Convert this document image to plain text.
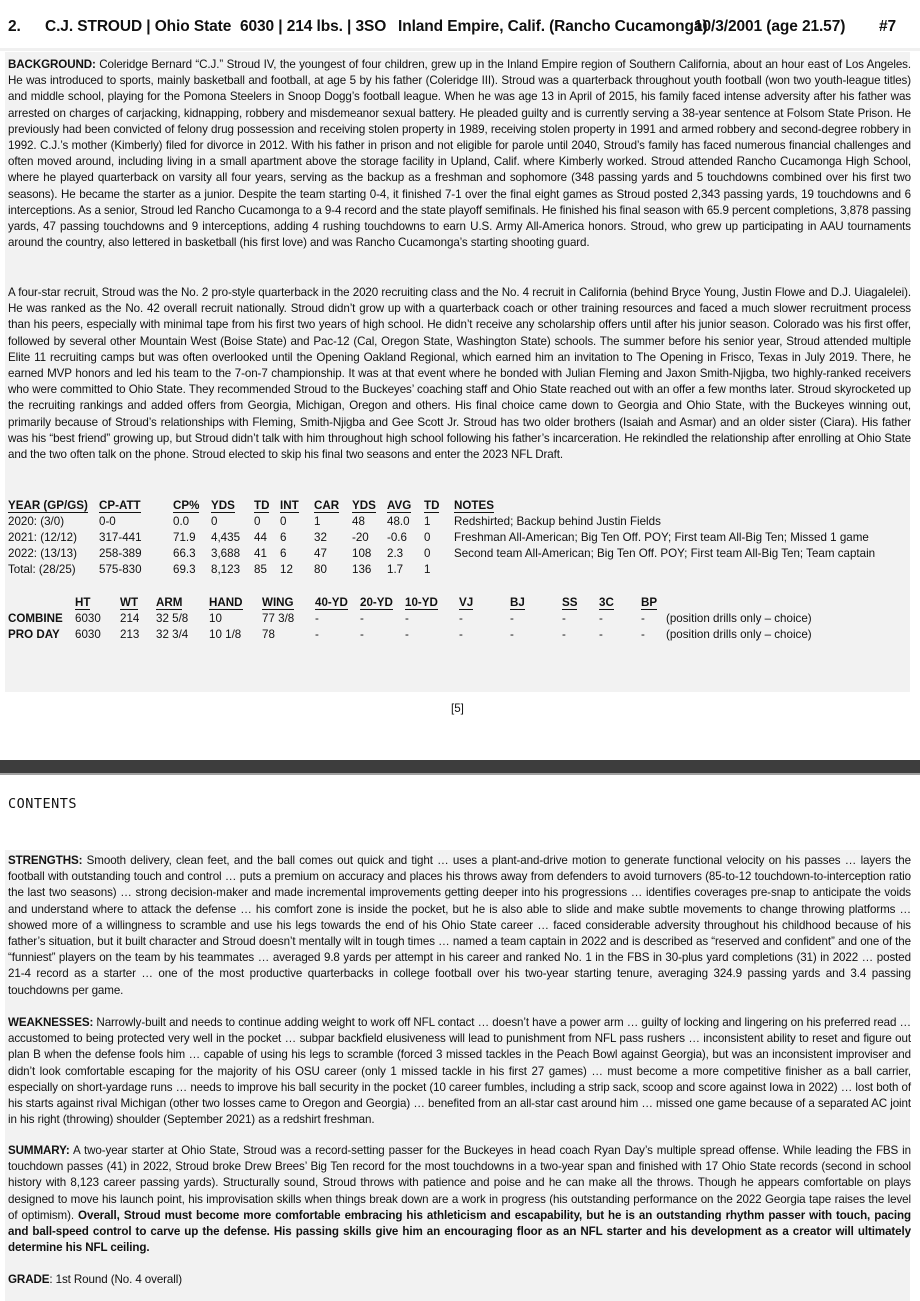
2. C.J. STROUD | Ohio State 6030 | 214 lbs. | 3SO Inland Empire, Calif. (Rancho Cucamonga)
10/3/2001 (age 21.57) #7

BACKGROUND: Coleridge Bernard “C.J.” Stroud IV, the youngest of four children, grew up in the Inland Empire region of Southern California, about an hour east of Los Angeles. He was introduced to sports, mainly basketball and football, at age 5 by his father (Coleridge III). Stroud was a quarterback throughout youth football (won two youth-league titles) and middle school, playing for the Pomona Steelers in Snoop Dogg’s football league. When he was age 13 in April of 2015, his family faced intense adversity after his father was arrested on charges of carjacking, kidnapping, robbery and misdemeanor sexual battery. He pleaded guilty and is currently serving a 38-year sentence at Folsom State Prison. He previously had been convicted of felony drug possession and receiving stolen property in 1989, receiving stolen property in 1991 and armed robbery and second-degree robbery in 1992. C.J.’s mother (Kimberly) filed for divorce in 2012. With his father in prison and not eligible for parole until 2040, Stroud’s family has faced numerous financial challenges and often moved around, including living in a small apartment above the storage facility in Upland, Calif. where Kimberly worked. Stroud attended Rancho Cucamonga High School, where he played quarterback on varsity all four years, serving as the backup as a freshman and sophomore (348 passing yards and 5 touchdowns combined over his first two seasons). He became the starter as a junior. Despite the team starting 0-4, it finished 7-1 over the final eight games as Stroud posted 2,343 passing yards, 19 touchdowns and 6 interceptions. As a senior, Stroud led Rancho Cucamonga to a 9-4 record and the state playoff semifinals. He finished his final season with 65.9 percent completions, 3,878 passing yards, 47 passing touchdowns and 9 interceptions, adding 4 rushing touchdowns to earn U.S. Army All-America honors. Stroud, who grew up participating in AAU tournaments around the country, also lettered in basketball (his first love) and was Rancho Cucamonga’s starting shooting guard.

A four-star recruit, Stroud was the No. 2 pro-style quarterback in the 2020 recruiting class and the No. 4 recruit in California (behind Bryce Young, Justin Flowe and D.J. Uiagalelei). He was ranked as the No. 42 overall recruit nationally. Stroud didn’t grow up with a quarterback coach or other training resources and faced a much slower recruitment process than his peers, especially with minimal tape from his first two years of high school. He didn’t receive any scholarship offers until after his junior season. Colorado was his first offer, followed by several other Mountain West (Boise State) and Pac-12 (Cal, Oregon State, Washington State) schools. The summer before his senior year, Stroud attended multiple Elite 11 recruiting camps but was often overlooked until the Opening Oakland Regional, which earned him an invitation to The Opening in Frisco, Texas in July 2019. There, he earned MVP honors and led his team to the 7-on-7 championship. It was at that event where he bonded with Julian Fleming and Jaxon Smith-Njigba, two highly-ranked receivers who were committed to Ohio State. They recommended Stroud to the Buckeyes’ coaching staff and Ohio State reached out with an offer a few months later. Stroud skyrocketed up the recruiting rankings and added offers from Georgia, Michigan, Oregon and others. His final choice came down to Georgia and Ohio State, with the Buckeyes winning out, primarily because of Stroud’s relationships with Fleming, Smith-Njigba and Gee Scott Jr. Stroud has two older brothers (Isaiah and Asmar) and an older sister (Ciara). His father was his “best friend” growing up, but Stroud didn’t talk with him throughout high school following his father’s incarceration. He rekindled the relationship after enrolling at Ohio State and the two often talk on the phone. Stroud elected to skip his final two seasons and enter the 2023 NFL Draft.

YEAR (GP/GS)	CP-ATT	CP%	YDS	TD	INT	CAR	YDS	AVG	TD	NOTES
2020: (3/0)	0-0	0.0	0	0	0	1	48	48.0	1	Redshirted; Backup behind Justin Fields
2021: (12/12)	317-441	71.9	4,435	44	6	32	-20	-0.6	0	Freshman All-American; Big Ten Off. POY; First team All-Big Ten; Missed 1 game
2022: (13/13)	258-389	66.3	3,688	41	6	47	108	2.3	0	Second team All-American; Big Ten Off. POY; First team All-Big Ten; Team captain
Total: (28/25)	575-830	69.3	8,123	85	12	80	136	1.7	1	
	HT	WT	ARM	HAND	WING	40-YD	20-YD	10-YD	VJ	BJ	SS	3C	BP	
COMBINE	6030	214	32 5/8	10	77 3/8	-	-	-	-	-	-	-	-	(position drills only – choice)
PRO DAY	6030	213	32 3/4	10 1/8	78	-	-	-	-	-	-	-	-	(position drills only – choice)
[5]
CONTENTS

STRENGTHS: Smooth delivery, clean feet, and the ball comes out quick and tight … uses a plant-and-drive motion to generate functional velocity on his passes … layers the football with outstanding touch and control … puts a premium on accuracy and places his throws away from defenders to avoid turnovers (85-to-12 touchdown-to-interception ratio the last two seasons) … strong decision-maker and made incremental improvements getting deeper into his progressions … identifies coverages pre-snap to anticipate the voids and understand where to attack the defense … his comfort zone is inside the pocket, but he is also able to slide and make subtle movements to change throwing platforms … showed more of a willingness to scramble and use his legs towards the end of his Ohio State career … faced considerable adversity throughout his childhood because of his father’s situation, but it built character and Stroud doesn’t mentally wilt in tough times … named a team captain in 2022 and is described as “reserved and confident” and one of the “funniest” players on the team by his teammates … averaged 9.8 yards per attempt in his career and ranked No. 1 in the FBS in 30-plus yard completions (31) in 2022 … posted 21-4 record as a starter … one of the most productive quarterbacks in college football over his two-year starting tenure, averaging 324.9 passing yards and 3.4 passing touchdowns per game.

WEAKNESSES: Narrowly-built and needs to continue adding weight to work off NFL contact … doesn’t have a power arm … guilty of locking and lingering on his preferred read … accustomed to being protected very well in the pocket … subpar backfield elusiveness will lead to punishment from NFL pass rushers … inconsistent ability to reset and figure out plan B when the defense fools him … capable of using his legs to scramble (forced 3 missed tackles in the Peach Bowl against Georgia), but was an inconsistent improviser and didn’t look comfortable escaping for the majority of his OSU career (only 1 missed tackle in his first 27 games) … must become a more competitive finisher as a ball carrier, especially on short-yardage runs … needs to improve his ball security in the pocket (10 career fumbles, including a strip sack, scoop and score against Iowa in 2022) … lost both of his starts against rival Michigan (other two losses came to Oregon and Georgia) … benefited from an all-star cast around him … missed one game because of a separated AC joint in his right (throwing) shoulder (September 2021) as a redshirt freshman.

SUMMARY: A two-year starter at Ohio State, Stroud was a record-setting passer for the Buckeyes in head coach Ryan Day’s multiple spread offense. While leading the FBS in touchdown passes (41) in 2022, Stroud broke Drew Brees’ Big Ten record for the most touchdowns in a two-year span and finished with 17 Ohio State records (second in school history with 8,123 career passing yards). Structurally sound, Stroud throws with patience and poise and he can make all the throws. Though he appears comfortable on plays designed to move his launch point, his improvisation skills when things break down are a work in progress (his outstanding performance on the 2022 Georgia tape raises the level of optimism). Overall, Stroud must become more comfortable embracing his athleticism and escapability, but he is an outstanding rhythm passer with touch, pacing and ball-speed control to carve up the defense. His passing skills give him an encouraging floor as an NFL starter and his development as a creator will ultimately determine his NFL ceiling.

GRADE: 1st Round (No. 4 overall)
